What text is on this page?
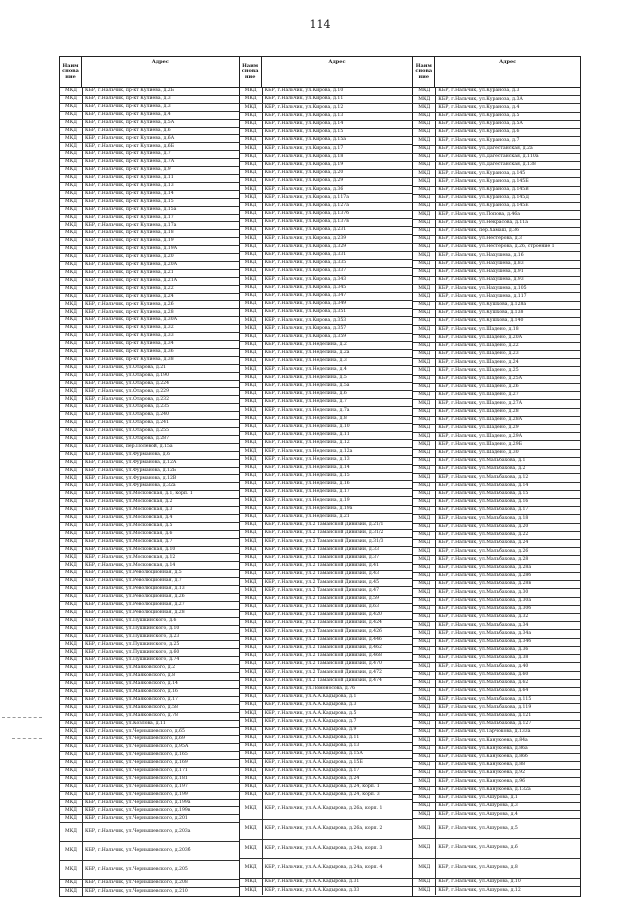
114
Наим снова ние
Адрес
МКД	КБР, г.Нальчик, пр-кт Кулиева, д.2Б
МКД	КБР, г.Нальчик, пр-кт Кулиева, д.3
МКД	КБР, г.Нальчик, пр-кт Кулиева, д.3
МКД	КБР, г.Нальчик, пр-кт Кулиева, д.4
МКД	КБР, г.Нальчик, пр-кт Кулиева, д.5А
МКД	КБР, г.Нальчик, пр-кт Кулиева, д.6
МКД	КБР, г.Нальчик, пр-кт Кулиева, д.6А
МКД	КБР, г.Нальчик, пр-кт Кулиева, д.6Б
МКД	КБР, г.Нальчик, пр-кт Кулиева, д.7
МКД	КБР, г.Нальчик, пр-кт Кулиева, д.7А
МКД	КБР, г.Нальчик, пр-кт Кулиева, д.9
МКД	КБР, г.Нальчик, пр-кт Кулиева, д.11
МКД	КБР, г.Нальчик, пр-кт Кулиева, д.13
МКД	КБР, г.Нальчик, пр-кт Кулиева, д.14
МКД	КБР, г.Нальчик, пр-кт Кулиева, д.15
МКД	КБР, г.Нальчик, пр-кт Кулиева, д.15а
МКД	КБР, г.Нальчик, пр-кт Кулиева, д.17
МКД	КБР, г.Нальчик, пр-кт Кулиева, д.17а
МКД	КБР, г.Нальчик, пр-кт Кулиева, д.18
МКД	КБР, г.Нальчик, пр-кт Кулиева, д.19
МКД	КБР, г.Нальчик, пр-кт Кулиева, д.19А
МКД	КБР, г.Нальчик, пр-кт Кулиева, д.20
МКД	КБР, г.Нальчик, пр-кт Кулиева, д.20А
МКД	КБР, г.Нальчик, пр-кт Кулиева, д.21
МКД	КБР, г.Нальчик, пр-кт Кулиева, д.21А
МКД	КБР, г.Нальчик, пр-кт Кулиева, д.22
МКД	КБР, г.Нальчик, пр-кт Кулиева, д.24
МКД	КБР, г.Нальчик, пр-кт Кулиева, д.26
МКД	КБР, г.Нальчик, пр-кт Кулиева, д.28
МКД	КБР, г.Нальчик, пр-кт Кулиева, д.30А
МКД	КБР, г.Нальчик, пр-кт Кулиева, д.32
МКД	КБР, г.Нальчик, пр-кт Кулиева, д.33
МКД	КБР, г.Нальчик, пр-кт Кулиева, д.34
МКД	КБР, г.Нальчик, пр-кт Кулиева, д.36
МКД	КБР, г.Нальчик, пр-кт Кулиева, д.38
МКД	КБР, г.Нальчик, ул.Отарова, д.21
МКД	КБР, г.Нальчик, ул.Отарова, д.190
МКД	КБР, г.Нальчик, ул.Отарова, д.224
МКД	КБР, г.Нальчик, ул.Отарова, д.229
МКД	КБР, г.Нальчик, ул.Отарова, д.232
МКД	КБР, г.Нальчик, ул.Отарова, д.235
МКД	КБР, г.Нальчик, ул.Отарова, д.240
МКД	КБР, г.Нальчик, ул.Отарова, д.241
МКД	КБР, г.Нальчик, ул.Отарова, д.255
МКД	КБР, г.Нальчик, ул.Отарова, д.287
МКД	КБР, г.Нальчик, пер.Полевой, д.15а
МКД	КБР, г.Нальчик, ул.Фурманова, д.6
МКД	КБР, г.Нальчик, ул.Фурманова, д.12А
МКД	КБР, г.Нальчик, ул.Фурманова, д.12Б
МКД	КБР, г.Нальчик, ул.Фурманова, д.12В
МКД	КБР, г.Нальчик, ул.Фурманова, д.32а
МКД	КБР, г.Нальчик, ул.Московская, д.1, корп. 1
МКД	КБР, г.Нальчик, ул.Московская, д.2
МКД	КБР, г.Нальчик, ул.Московская, д.3
МКД	КБР, г.Нальчик, ул.Московская, д.4
МКД	КБР, г.Нальчик, ул.Московская, д.5
МКД	КБР, г.Нальчик, ул.Московская, д.6
МКД	КБР, г.Нальчик, ул.Московская, д.7
МКД	КБР, г.Нальчик, ул.Московская, д.10
МКД	КБР, г.Нальчик, ул.Московская, д.12
МКД	КБР, г.Нальчик, ул.Московская, д.14
МКД	КБР, г.Нальчик, ул.Революционная, д.5
МКД	КБР, г.Нальчик, ул.Революционная, д.7
МКД	КБР, г.Нальчик, ул.Революционная, д.13
МКД	КБР, г.Нальчик, ул.Революционная, д.26
МКД	КБР, г.Нальчик, ул.Революционная, д.27
МКД	КБР, г.Нальчик, ул.Революционная, д.28
МКД	КБР, г.Нальчик, ул.Пушкинского, д.6
МКД	КБР, г.Нальчик, ул.Пушкинского, д.10
МКД	КБР, г.Нальчик, ул.Пушкинского, д.23
МКД	КБР, г.Нальчик, ул.Пушкинского, д.25
МКД	КБР, г.Нальчик, ул.Пушкинского, д.60
МКД	КБР, г.Нальчик, ул.Пушкинского, д.74
МКД	КБР, г.Нальчик, ул.Маяковского, д.2
МКД	КБР, г.Нальчик, ул.Маяковского, д.8
МКД	КБР, г.Нальчик, ул.Маяковского, д.14
МКД	КБР, г.Нальчик, ул.Маяковского, д.16
МКД	КБР, г.Нальчик, ул.Маяковского, д.17
МКД	КБР, г.Нальчик, ул.Маяковского, д.58
МКД	КБР, г.Нальчик, ул.Маяковского, д.78
МКД	КБР, г.Нальчик, ул.Козлова, д.11
МКД	КБР, г.Нальчик, ул.Чернышевского, д.65
МКД	КБР, г.Нальчик, ул.Чернышевского, д.69
МКД	КБР, г.Нальчик, ул.Чернышевского, д.95А
МКД	КБР, г.Нальчик, ул.Чернышевского, д.165
МКД	КБР, г.Нальчик, ул.Чернышевского, д.169
МКД	КБР, г.Нальчик, ул.Чернышевского, д.171
МКД	КБР, г.Нальчик, ул.Чернышевского, д.181
МКД	КБР, г.Нальчик, ул.Чернышевского, д.197
МКД	КБР, г.Нальчик, ул.Чернышевского, д.199
МКД	КБР, г.Нальчик, ул.Чернышевского, д.199а
МКД	КБР, г.Нальчик, ул.Чернышевского, д.199в
МКД	КБР, г.Нальчик, ул.Чернышевского, д.201
МКД	КБР, г.Нальчик, ул.Чернышевского, д.203а
МКД	КБР, г.Нальчик, ул.Чернышевского, д.203б
МКД	КБР, г.Нальчик, ул.Чернышевского, д.205
МКД	КБР, г.Нальчик, ул.Чернышевского, д.208
МКД	КБР, г.Нальчик, ул.Чернышевского, д.210
Наим снова ние
Адрес
МКД	КБР, г.Нальчик, ул.Кирова, д.10
МКД	КБР, г.Нальчик, ул.Кирова, д.11
МКД	КБР, г.Нальчик, ул.Кирова, д.12
МКД	КБР, г.Нальчик, ул.Кирова, д.13
МКД	КБР, г.Нальчик, ул.Кирова, д.14
МКД	КБР, г.Нальчик, ул.Кирова, д.15
МКД	КБР, г.Нальчик, ул.Кирова, д.15а
МКД	КБР, г.Нальчик, ул.Кирова, д.17
МКД	КБР, г.Нальчик, ул.Кирова, д.18
МКД	КБР, г.Нальчик, ул.Кирова, д.19
МКД	КБР, г.Нальчик, ул.Кирова, д.20
МКД	КБР, г.Нальчик, ул.Кирова, д.29
МКД	КБР, г.Нальчик, ул.Кирова, д.36
МКД	КБР, г.Нальчик, ул.Кирова, д.117а
МКД	КБР, г.Нальчик, ул.Кирова, д.127а
МКД	КБР, г.Нальчик, ул.Кирова, д.137б
МКД	КБР, г.Нальчик, ул.Кирова, д.137в
МКД	КБР, г.Нальчик, ул.Кирова, д.231
МКД	КБР, г.Нальчик, ул.Кирова, д.239
МКД	КБР, г.Нальчик, ул.Кирова, д.329
МКД	КБР, г.Нальчик, ул.Кирова, д.331
МКД	КБР, г.Нальчик, ул.Кирова, д.335
МКД	КБР, г.Нальчик, ул.Кирова, д.337
МКД	КБР, г.Нальчик, ул.Кирова, д.343
МКД	КБР, г.Нальчик, ул.Кирова, д.345
МКД	КБР, г.Нальчик, ул.Кирова, д.347
МКД	КБР, г.Нальчик, ул.Кирова, д.349
МКД	КБР, г.Нальчик, ул.Кирова, д.351
МКД	КБР, г.Нальчик, ул.Кирова, д.353
МКД	КБР, г.Нальчик, ул.Кирова, д.357
МКД	КБР, г.Нальчик, ул.Кирова, д.359
МКД	КБР, г.Нальчик, ул.Неделина, д.2
МКД	КБР, г.Нальчик, ул.Неделина, д.2а
МКД	КБР, г.Нальчик, ул.Неделина, д.3
МКД	КБР, г.Нальчик, ул.Неделина, д.4
МКД	КБР, г.Нальчик, ул.Неделина, д.5
МКД	КБР, г.Нальчик, ул.Неделина, д.5а
МКД	КБР, г.Нальчик, ул.Неделина, д.6
МКД	КБР, г.Нальчик, ул.Неделина, д.7
МКД	КБР, г.Нальчик, ул.Неделина, д.7а
МКД	КБР, г.Нальчик, ул.Неделина, д.8
МКД	КБР, г.Нальчик, ул.Неделина, д.10
МКД	КБР, г.Нальчик, ул.Неделина, д.11
МКД	КБР, г.Нальчик, ул.Неделина, д.12
МКД	КБР, г.Нальчик, ул.Неделина, д.12а
МКД	КБР, г.Нальчик, ул.Неделина, д.13
МКД	КБР, г.Нальчик, ул.Неделина, д.14
МКД	КБР, г.Нальчик, ул.Неделина, д.15
МКД	КБР, г.Нальчик, ул.Неделина, д.16
МКД	КБР, г.Нальчик, ул.Неделина, д.17
МКД	КБР, г.Нальчик, ул.Неделина, д.19
МКД	КБР, г.Нальчик, ул.Неделина, д.19а
МКД	КБР, г.Нальчик, ул.Неделина, д.21
МКД	КБР, г.Нальчик, ул.2 Таманской Дивизии, д.21/1
МКД	КБР, г.Нальчик, ул.2 Таманской Дивизии, д.31/2
МКД	КБР, г.Нальчик, ул.2 Таманской Дивизии, д.31/3
МКД	КБР, г.Нальчик, ул.2 Таманской Дивизии, д.33
МКД	КБР, г.Нальчик, ул.2 Таманской Дивизии, д.37
МКД	КБР, г.Нальчик, ул.2 Таманской Дивизии, д.41
МКД	КБР, г.Нальчик, ул.2 Таманской Дивизии, д.43
МКД	КБР, г.Нальчик, ул.2 Таманской Дивизии, д.45
МКД	КБР, г.Нальчик, ул.2 Таманской Дивизии, д.47
МКД	КБР, г.Нальчик, ул.2 Таманской Дивизии, д.59
МКД	КБР, г.Нальчик, ул.2 Таманской Дивизии, д.63
МКД	КБР, г.Нальчик, ул.2 Таманской Дивизии, д.420
МКД	КБР, г.Нальчик, ул.2 Таманской Дивизии, д.424
МКД	КБР, г.Нальчик, ул.2 Таманской Дивизии, д.426
МКД	КБР, г.Нальчик, ул.2 Таманской Дивизии, д.446
МКД	КБР, г.Нальчик, ул.2 Таманской Дивизии, д.462
МКД	КБР, г.Нальчик, ул.2 Таманской Дивизии, д.468
МКД	КБР, г.Нальчик, ул.2 Таманской Дивизии, д.470
МКД	КБР, г.Нальчик, ул.2 Таманской Дивизии, д.472
МКД	КБР, г.Нальчик, ул.2 Таманской Дивизии, д.474
МКД	КБР, г.Нальчик, ул.Ломоносова, д.76
МКД	КБР, г.Нальчик, ул.А.А.Кадырова, д.1
МКД	КБР, г.Нальчик, ул.А.А.Кадырова, д.3
МКД	КБР, г.Нальчик, ул.А.А.Кадырова, д.5
МКД	КБР, г.Нальчик, ул.А.А.Кадырова, д.7
МКД	КБР, г.Нальчик, ул.А.А.Кадырова, д.9
МКД	КБР, г.Нальчик, ул.А.А.Кадырова, д.11
МКД	КБР, г.Нальчик, ул.А.А.Кадырова, д.13
МКД	КБР, г.Нальчик, ул.А.А.Кадырова, д.15А
МКД	КБР, г.Нальчик, ул.А.А.Кадырова, д.15Б
МКД	КБР, г.Нальчик, ул.А.А.Кадырова, д.17
МКД	КБР, г.Нальчик, ул.А.А.Кадырова, д.24
МКД	КБР, г.Нальчик, ул.А.А.Кадырова, д.24, корп. 1
МКД	КБР, г.Нальчик, ул.А.А.Кадырова, д.24, корп. 3
МКД	КБР, г.Нальчик, ул.А.А.Кадырова, д.26а, корп. 1
МКД	КБР, г.Нальчик, ул.А.А.Кадырова, д.26а, корп. 2
МКД	КБР, г.Нальчик, ул.А.А.Кадырова, д.24а, корп. 3
МКД	КБР, г.Нальчик, ул.А.А.Кадырова, д.24а, корп. 4
МКД	КБР, г.Нальчик, ул.А.А.Кадырова, д.31
МКД	КБР, г.Нальчик, ул.А.А.Кадырова, д.33
Наим снова ние
Адрес
МКД	КБР, г.Нальчик, ул.Кураноза, д.3
МКД	КБР, г.Нальчик, ул.Кураноза, д.3А
МКД	КБР, г.Нальчик, ул.Кураноза, д.4
МКД	КБР, г.Нальчик, ул.Кураноза, д.5
МКД	КБР, г.Нальчик, ул.Кураноза, д.5А
МКД	КБР, г.Нальчик, ул.Кураноза, д.6
МКД	КБР, г.Нальчик, ул.Кураноза, д.7
МКД	КБР, г.Нальчик, ул.Дагестанская, д.2а
МКД	КБР, г.Нальчик, ул.Дагестанская, д.110а
МКД	КБР, г.Нальчик, ул.Дагестанская, д.138
МКД	КБР, г.Нальчик, ул.Кураноза, д.145
МКД	КБР, г.Нальчик, ул.Кураноза, д.145Б
МКД	КБР, г.Нальчик, ул.Кураноза, д.145В
МКД	КБР, г.Нальчик, ул.Кураноза, д.145Д
МКД	КБР, г.Нальчик, ул.Кураноза, д.145Е
МКД	КБР, г.Нальчик, ул.Попова, д.46а
МКД	КБР, г.Нальчик, ул.Некрасова, д.11а
МКД	КБР, г.Нальчик, пер.Хамаш, д.36
МКД	КБР, г.Нальчик, ул.Нестерова, д.3
МКД	КБР, г.Нальчик, ул.Нестерова, д.26, строение 1
МКД	КБР, г.Нальчик, ул.Нахушева, д.16
МКД	КБР, г.Нальчик, ул.Нахушева, д.83
МКД	КБР, г.Нальчик, ул.Нахушева, д.91
МКД	КБР, г.Нальчик, ул.Нахушева, д.93
МКД	КБР, г.Нальчик, ул.Нахушева, д.105
МКД	КБР, г.Нальчик, ул.Нахушева, д.117
МКД	КБР, г.Нальчик, ул.Кушхова, д.128а
МКД	КБР, г.Нальчик, ул.Кушхова, д.138
МКД	КБР, г.Нальчик, ул.Кушхова, д.140
МКД	КБР, г.Нальчик, ул.Шадено, д.18
МКД	КБР, г.Нальчик, ул.Шадено, д.20А
МКД	КБР, г.Нальчик, ул.Шадено, д.22
МКД	КБР, г.Нальчик, ул.Шадено, д.23
МКД	КБР, г.Нальчик, ул.Шадено, д.24
МКД	КБР, г.Нальчик, ул.Шадено, д.25
МКД	КБР, г.Нальчик, ул.Шадено, д.25А
МКД	КБР, г.Нальчик, ул.Шадено, д.26
МКД	КБР, г.Нальчик, ул.Шадено, д.27
МКД	КБР, г.Нальчик, ул.Шадено, д.27А
МКД	КБР, г.Нальчик, ул.Шадено, д.28
МКД	КБР, г.Нальчик, ул.Шадено, д.28А
МКД	КБР, г.Нальчик, ул.Шадено, д.29
МКД	КБР, г.Нальчик, ул.Шадено, д.29А
МКД	КБР, г.Нальчик, ул.Шадено, д.29Б
МКД	КБР, г.Нальчик, ул.Шадено, д.30
МКД	КБР, г.Нальчик, ул.Мальбахова, д.1
МКД	КБР, г.Нальчик, ул.Мальбахова, д.2
МКД	КБР, г.Нальчик, ул.Мальбахова, д.12
МКД	КБР, г.Нальчик, ул.Мальбахова, д.14
МКД	КБР, г.Нальчик, ул.Мальбахова, д.15
МКД	КБР, г.Нальчик, ул.Мальбахова, д.16
МКД	КБР, г.Нальчик, ул.Мальбахова, д.17
МКД	КБР, г.Нальчик, ул.Мальбахова, д.18
МКД	КБР, г.Нальчик, ул.Мальбахова, д.20
МКД	КБР, г.Нальчик, ул.Мальбахова, д.22
МКД	КБР, г.Нальчик, ул.Мальбахова, д.24
МКД	КБР, г.Нальчик, ул.Мальбахова, д.26
МКД	КБР, г.Нальчик, ул.Мальбахова, д.28
МКД	КБР, г.Нальчик, ул.Мальбахова, д.28а
МКД	КБР, г.Нальчик, ул.Мальбахова, д.28б
МКД	КБР, г.Нальчик, ул.Мальбахова, д.28в
МКД	КБР, г.Нальчик, ул.Мальбахова, д.30
МКД	КБР, г.Нальчик, ул.Мальбахова, д.30а
МКД	КБР, г.Нальчик, ул.Мальбахова, д.30б
МКД	КБР, г.Нальчик, ул.Мальбахова, д.32
МКД	КБР, г.Нальчик, ул.Мальбахова, д.34
МКД	КБР, г.Нальчик, ул.Мальбахова, д.34а
МКД	КБР, г.Нальчик, ул.Мальбахова, д.34б
МКД	КБР, г.Нальчик, ул.Мальбахова, д.36
МКД	КБР, г.Нальчик, ул.Мальбахова, д.38
МКД	КБР, г.Нальчик, ул.Мальбахова, д.40
МКД	КБР, г.Нальчик, ул.Мальбахова, д.60
МКД	КБР, г.Нальчик, ул.Мальбахова, д.62
МКД	КБР, г.Нальчик, ул.Мальбахова, д.64
МКД	КБР, г.Нальчик, ул.Мальбахова, д.115
МКД	КБР, г.Нальчик, ул.Мальбахова, д.119
МКД	КБР, г.Нальчик, ул.Мальбахова, д.121
МКД	КБР, г.Нальчик, ул.Мальбахова, д.127
МКД	КБР, г.Нальчик, ул.Тарчокова, д.133а
МКД	КБР, г.Нальчик, ул.Канукоева, д.84а
МКД	КБР, г.Нальчик, ул.Канукоева, д.86а
МКД	КБР, г.Нальчик, ул.Канукоева, д.86б
МКД	КБР, г.Нальчик, ул.Канукоева, д.88
МКД	КБР, г.Нальчик, ул.Канукоева, д.92
МКД	КБР, г.Нальчик, ул.Канукоева, д.96
МКД	КБР, г.Нальчик, ул.Канукоева, д.132а
МКД	КБР, г.Нальчик, ул.Ашурова, д.1
МКД	КБР, г.Нальчик, ул.Ашурова, д.3
МКД	КБР, г.Нальчик, ул.Ашурова, д.4
МКД	КБР, г.Нальчик, ул.Ашурова, д.5
МКД	КБР, г.Нальчик, ул.Ашурова, д.6
МКД	КБР, г.Нальчик, ул.Ашурова, д.8
МКД	КБР, г.Нальчик, ул.Ашурова, д.10
МКД	КБР, г.Нальчик, ул.Ашурова, д.12
